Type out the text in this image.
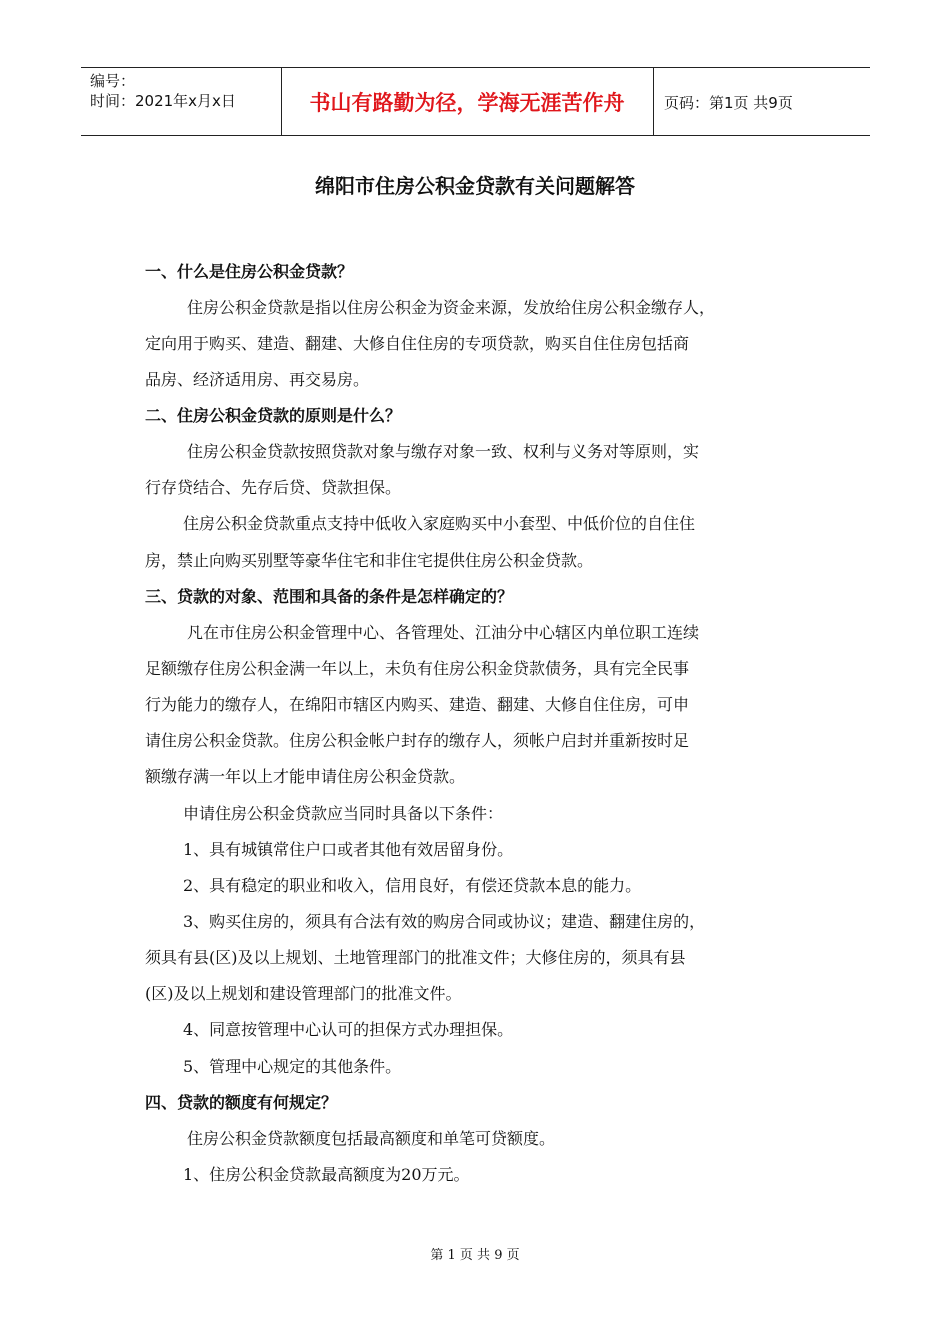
编号：
时间：2021年x月x日	书山有路勤为径，学海无涯苦作舟	页码：第1页 共9页
绵阳市住房公积金贷款有关问题解答
一、什么是住房公积金贷款？
住房公积金贷款是指以住房公积金为资金来源，发放给住房公积金缴存人，
定向用于购买、建造、翻建、大修自住住房的专项贷款，购买自住住房包括商
品房、经济适用房、再交易房。
二、住房公积金贷款的原则是什么？
住房公积金贷款按照贷款对象与缴存对象一致、权利与义务对等原则，实
行存贷结合、先存后贷、贷款担保。
住房公积金贷款重点支持中低收入家庭购买中小套型、中低价位的自住住
房，禁止向购买别墅等豪华住宅和非住宅提供住房公积金贷款。
三、贷款的对象、范围和具备的条件是怎样确定的？
凡在市住房公积金管理中心、各管理处、江油分中心辖区内单位职工连续
足额缴存住房公积金满一年以上，未负有住房公积金贷款债务，具有完全民事
行为能力的缴存人，在绵阳市辖区内购买、建造、翻建、大修自住住房，可申
请住房公积金贷款。住房公积金帐户封存的缴存人，须帐户启封并重新按时足
额缴存满一年以上才能申请住房公积金贷款。
申请住房公积金贷款应当同时具备以下条件：
1、具有城镇常住户口或者其他有效居留身份。
2、具有稳定的职业和收入，信用良好，有偿还贷款本息的能力。
3、购买住房的，须具有合法有效的购房合同或协议；建造、翻建住房的，
须具有县(区)及以上规划、土地管理部门的批准文件；大修住房的，须具有县
(区)及以上规划和建设管理部门的批准文件。
4、同意按管理中心认可的担保方式办理担保。
5、管理中心规定的其他条件。
四、贷款的额度有何规定？
住房公积金贷款额度包括最高额度和单笔可贷额度。
1、住房公积金贷款最高额度为20万元。
第 1 页 共 9 页
